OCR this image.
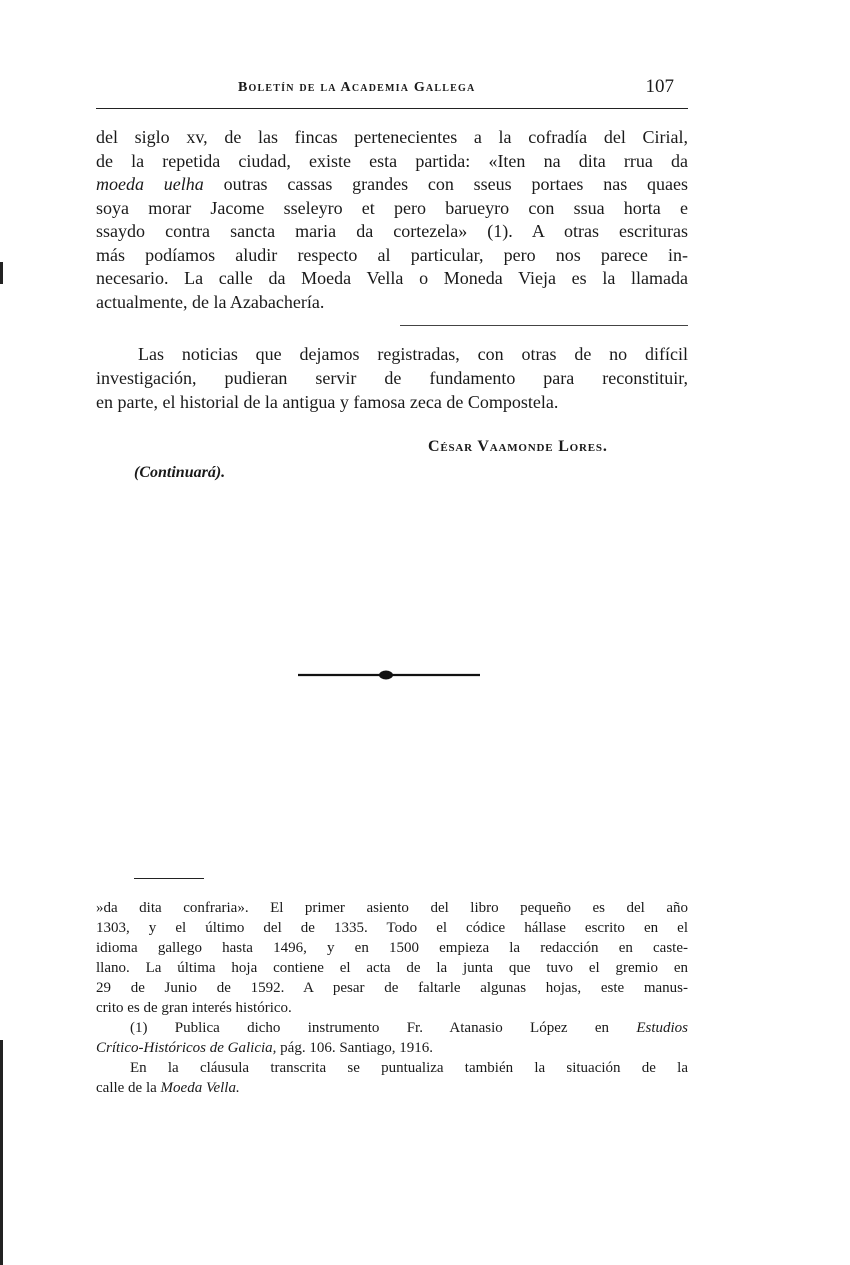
Boletín de la Academia Gallega	107
del siglo xv, de las fincas pertenecientes a la cofradía del Cirial,
de la repetida ciudad, existe esta partida: «Iten na dita rrua da
moeda uelha outras cassas grandes con sseus portaes nas quaes
soya morar Jacome sseleyro et pero barueyro con ssua horta e
ssaydo contra sancta maria da cortezela» (1). A otras escrituras
más podíamos aludir respecto al particular, pero nos parece in-
necesario. La calle da Moeda Vella o Moneda Vieja es la llamada
actualmente, de la Azabachería.
Las noticias que dejamos registradas, con otras de no difícil
investigación, pudieran servir de fundamento para reconstituir,
en parte, el historial de la antigua y famosa zeca de Compostela.
César Vaamonde Lores.
(Continuará).
»da dita confraria». El primer asiento del libro pequeño es del año
1303, y el último del de 1335. Todo el códice hállase escrito en el
idioma gallego hasta 1496, y en 1500 empieza la redacción en caste-
llano. La última hoja contiene el acta de la junta que tuvo el gremio en
29 de Junio de 1592. A pesar de faltarle algunas hojas, este manus-
crito es de gran interés histórico.
(1) Publica dicho instrumento Fr. Atanasio López en Estudios
Crítico-Históricos de Galicia, pág. 106. Santiago, 1916.
En la cláusula transcrita se puntualiza también la situación de la
calle de la Moeda Vella.
